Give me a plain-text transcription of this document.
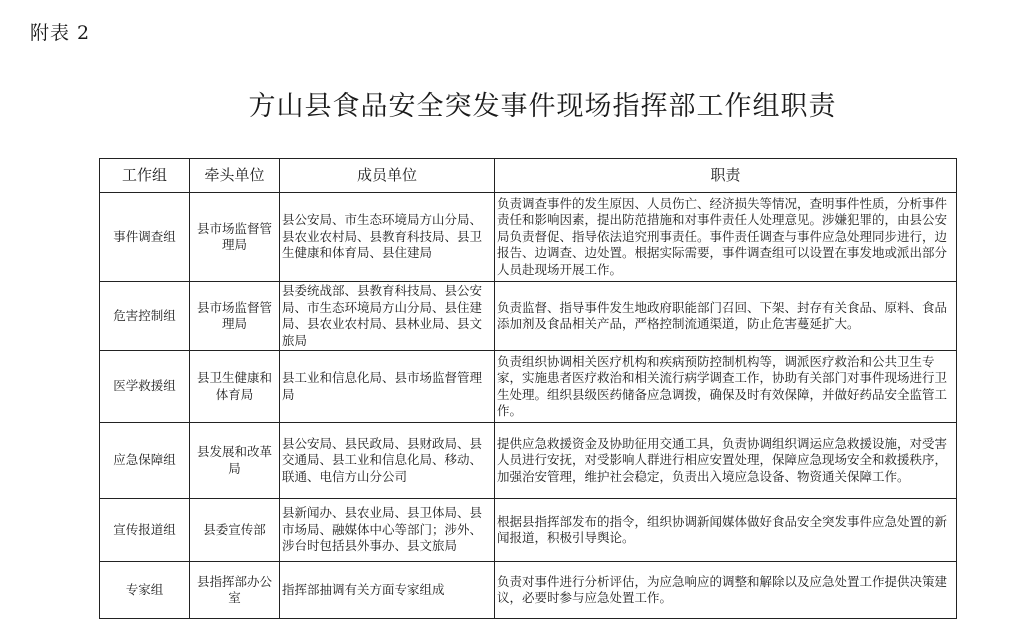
附表 2
方山县食品安全突发事件现场指挥部工作组职责
工作组	牵头单位	成员单位	职责
事件调查组	县市场监督管理局	县公安局、市生态环境局方山分局、县农业农村局、县教育科技局、县卫生健康和体育局、县住建局	负责调查事件的发生原因、人员伤亡、经济损失等情况，查明事件性质，分析事件责任和影响因素，提出防范措施和对事件责任人处理意见。涉嫌犯罪的，由县公安局负责督促、指导依法追究刑事责任。事件责任调查与事件应急处理同步进行，边报告、边调查、边处置。根据实际需要，事件调查组可以设置在事发地或派出部分人员赴现场开展工作。
危害控制组	县市场监督管理局	县委统战部、县教育科技局、县公安局、市生态环境局方山分局、县住建局、县农业农村局、县林业局、县文旅局	负责监督、指导事件发生地政府职能部门召回、下架、封存有关食品、原料、食品添加剂及食品相关产品，严格控制流通渠道，防止危害蔓延扩大。
医学救援组	县卫生健康和体育局	县工业和信息化局、县市场监督管理局	负责组织协调相关医疗机构和疾病预防控制机构等，调派医疗救治和公共卫生专家，实施患者医疗救治和相关流行病学调查工作，协助有关部门对事件现场进行卫生处理。组织县级医药储备应急调拨，确保及时有效保障，并做好药品安全监管工作。
应急保障组	县发展和改革局	县公安局、县民政局、县财政局、县交通局、县工业和信息化局、移动、联通、电信方山分公司	提供应急救援资金及协助征用交通工具，负责协调组织调运应急救援设施，对受害人员进行安抚，对受影响人群进行相应安置处理，保障应急现场安全和救援秩序，加强治安管理，维护社会稳定，负责出入境应急设备、物资通关保障工作。
宣传报道组	县委宣传部	县新闻办、县农业局、县卫体局、县市场局、融媒体中心等部门；涉外、涉台时包括县外事办、县文旅局	根据县指挥部发布的指令，组织协调新闻媒体做好食品安全突发事件应急处置的新闻报道，积极引导舆论。
专家组	县指挥部办公室	指挥部抽调有关方面专家组成	负责对事件进行分析评估，为应急响应的调整和解除以及应急处置工作提供决策建议，必要时参与应急处置工作。
